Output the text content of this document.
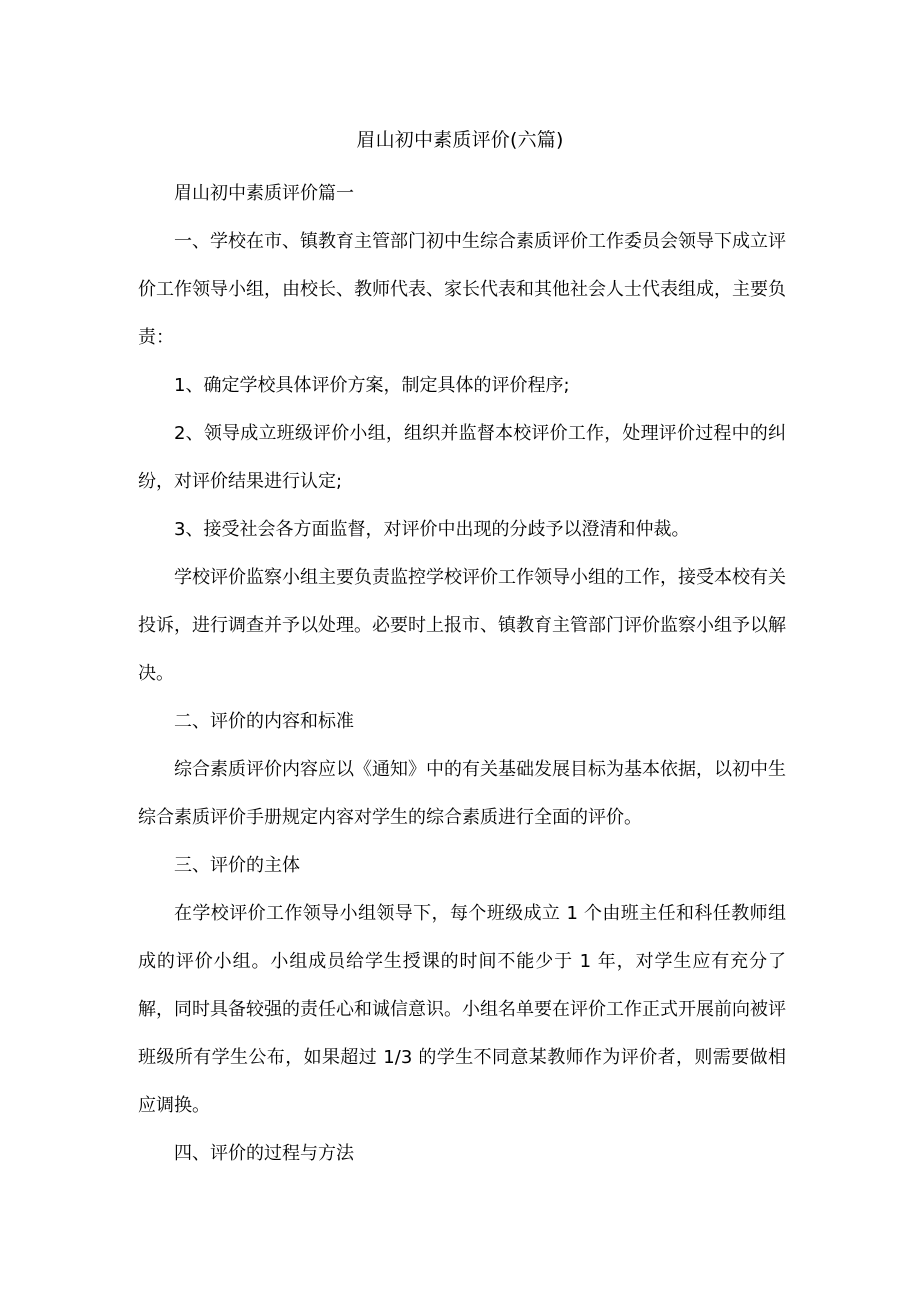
眉山初中素质评价(六篇)

眉山初中素质评价篇一

一、学校在市、镇教育主管部门初中生综合素质评价工作委员会领导下成立评价工作领导小组，由校长、教师代表、家长代表和其他社会人士代表组成，主要负责：

1、确定学校具体评价方案，制定具体的评价程序;

2、领导成立班级评价小组，组织并监督本校评价工作，处理评价过程中的纠纷，对评价结果进行认定;

3、接受社会各方面监督，对评价中出现的分歧予以澄清和仲裁。

学校评价监察小组主要负责监控学校评价工作领导小组的工作，接受本校有关投诉，进行调查并予以处理。必要时上报市、镇教育主管部门评价监察小组予以解决。

二、评价的内容和标准

综合素质评价内容应以《通知》中的有关基础发展目标为基本依据，以初中生综合素质评价手册规定内容对学生的综合素质进行全面的评价。

三、评价的主体

在学校评价工作领导小组领导下，每个班级成立 1 个由班主任和科任教师组成的评价小组。小组成员给学生授课的时间不能少于 1 年，对学生应有充分了解，同时具备较强的责任心和诚信意识。小组名单要在评价工作正式开展前向被评班级所有学生公布，如果超过 1/3 的学生不同意某教师作为评价者，则需要做相应调换。

四、评价的过程与方法
